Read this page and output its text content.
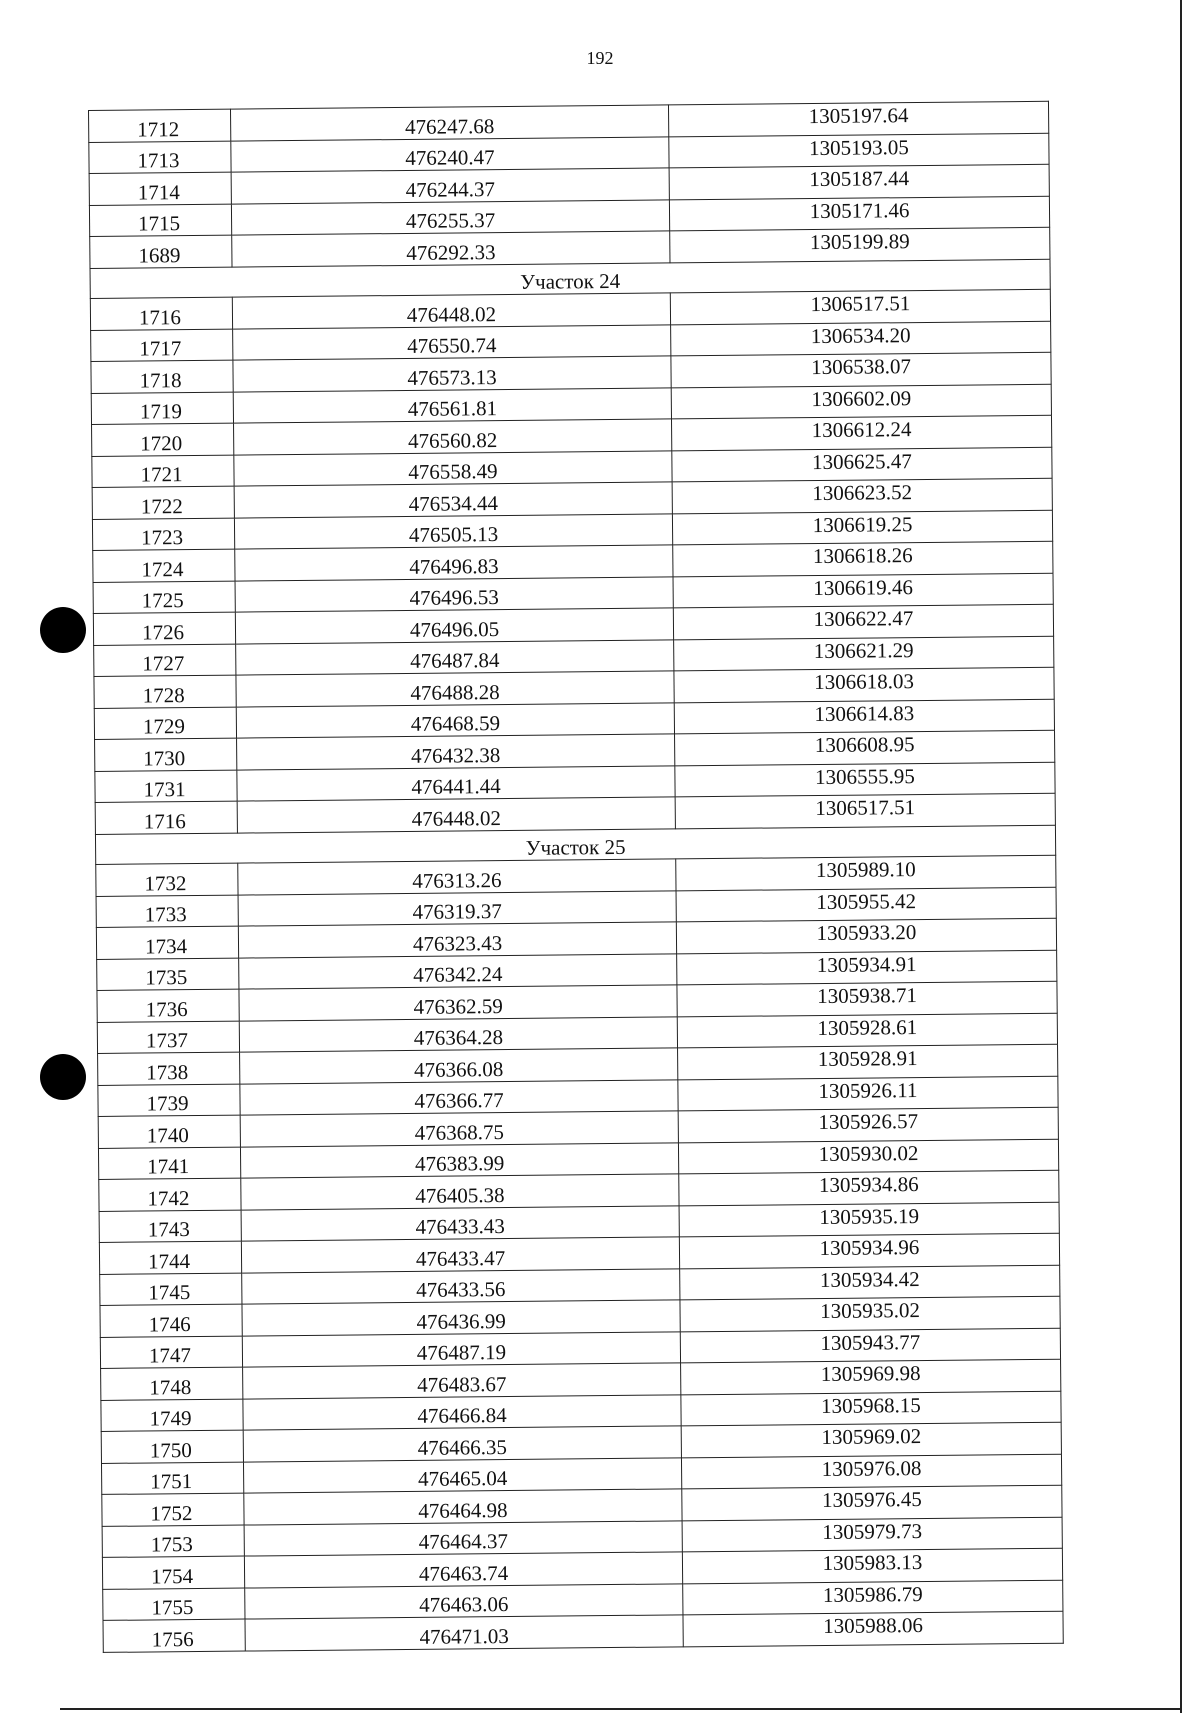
192
1712	476247.68	1305197.64
1713	476240.47	1305193.05
1714	476244.37	1305187.44
1715	476255.37	1305171.46
1689	476292.33	1305199.89
Участок 24		
1716	476448.02	1306517.51
1717	476550.74	1306534.20
1718	476573.13	1306538.07
1719	476561.81	1306602.09
1720	476560.82	1306612.24
1721	476558.49	1306625.47
1722	476534.44	1306623.52
1723	476505.13	1306619.25
1724	476496.83	1306618.26
1725	476496.53	1306619.46
1726	476496.05	1306622.47
1727	476487.84	1306621.29
1728	476488.28	1306618.03
1729	476468.59	1306614.83
1730	476432.38	1306608.95
1731	476441.44	1306555.95
1716	476448.02	1306517.51
Участок 25		
1732	476313.26	1305989.10
1733	476319.37	1305955.42
1734	476323.43	1305933.20
1735	476342.24	1305934.91
1736	476362.59	1305938.71
1737	476364.28	1305928.61
1738	476366.08	1305928.91
1739	476366.77	1305926.11
1740	476368.75	1305926.57
1741	476383.99	1305930.02
1742	476405.38	1305934.86
1743	476433.43	1305935.19
1744	476433.47	1305934.96
1745	476433.56	1305934.42
1746	476436.99	1305935.02
1747	476487.19	1305943.77
1748	476483.67	1305969.98
1749	476466.84	1305968.15
1750	476466.35	1305969.02
1751	476465.04	1305976.08
1752	476464.98	1305976.45
1753	476464.37	1305979.73
1754	476463.74	1305983.13
1755	476463.06	1305986.79
1756	476471.03	1305988.06
